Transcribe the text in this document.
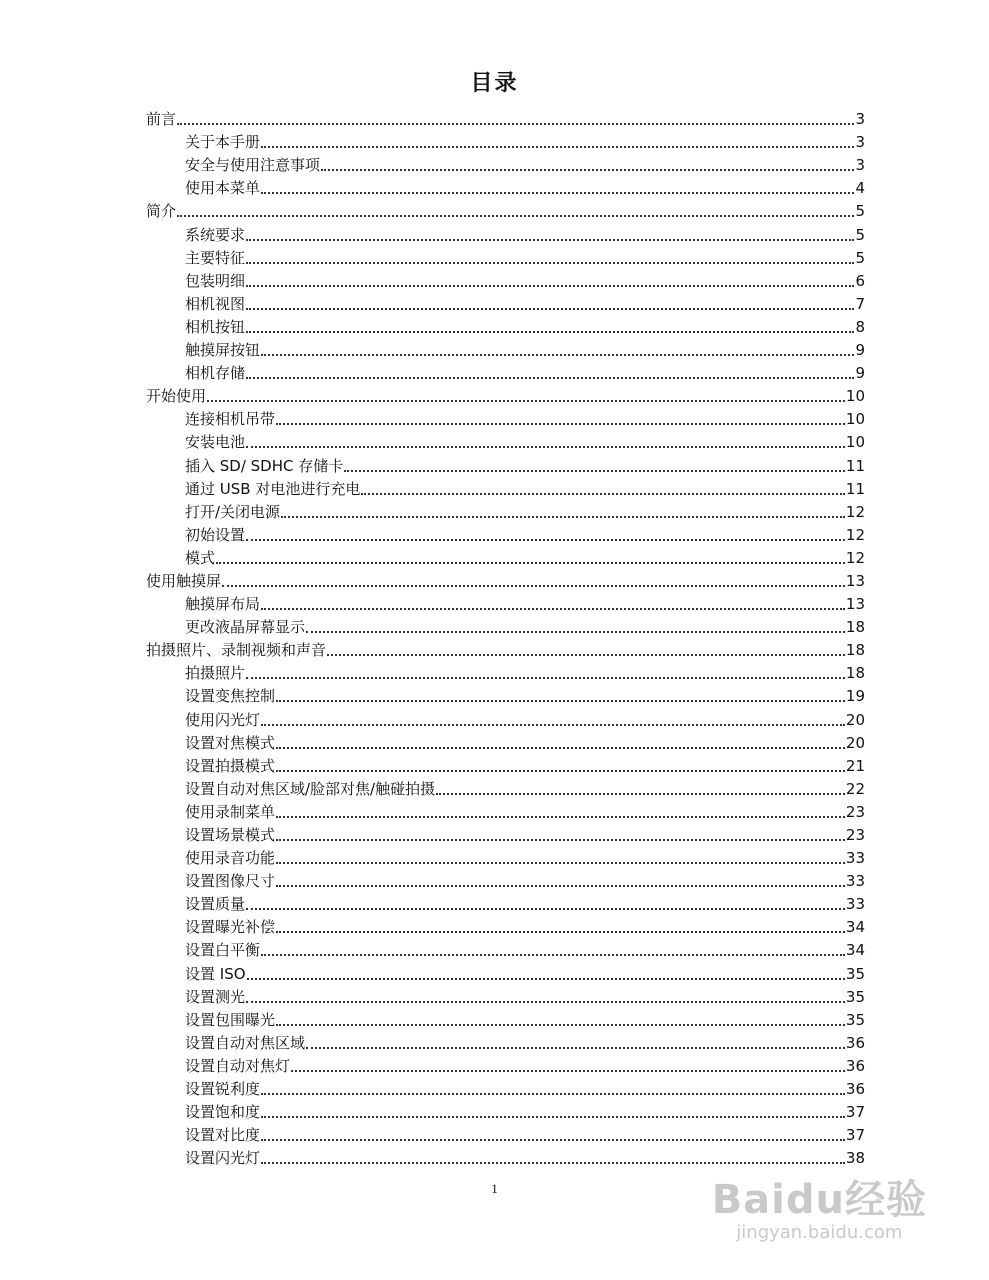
目录
前言	3
关于本手册	3
安全与使用注意事项	3
使用本菜单	4
简介	5
系统要求	5
主要特征	5
包装明细	6
相机视图	7
相机按钮	8
触摸屏按钮	9
相机存储	9
开始使用	10
连接相机吊带	10
安装电池	10
插入 SD/ SDHC 存储卡	11
通过 USB 对电池进行充电	11
打开/关闭电源	12
初始设置	12
模式	12
使用触摸屏	13
触摸屏布局	13
更改液晶屏幕显示	18
拍摄照片、录制视频和声音	18
拍摄照片	18
设置变焦控制	19
使用闪光灯	20
设置对焦模式	20
设置拍摄模式	21
设置自动对焦区域/脸部对焦/触碰拍摄	22
使用录制菜单	23
设置场景模式	23
使用录音功能	33
设置图像尺寸	33
设置质量	33
设置曝光补偿	34
设置白平衡	34
设置 ISO	35
设置测光	35
设置包围曝光	35
设置自动对焦区域	36
设置自动对焦灯	36
设置锐利度	36
设置饱和度	37
设置对比度	37
设置闪光灯	38
1	Baidu经验
jingyan.baidu.com
